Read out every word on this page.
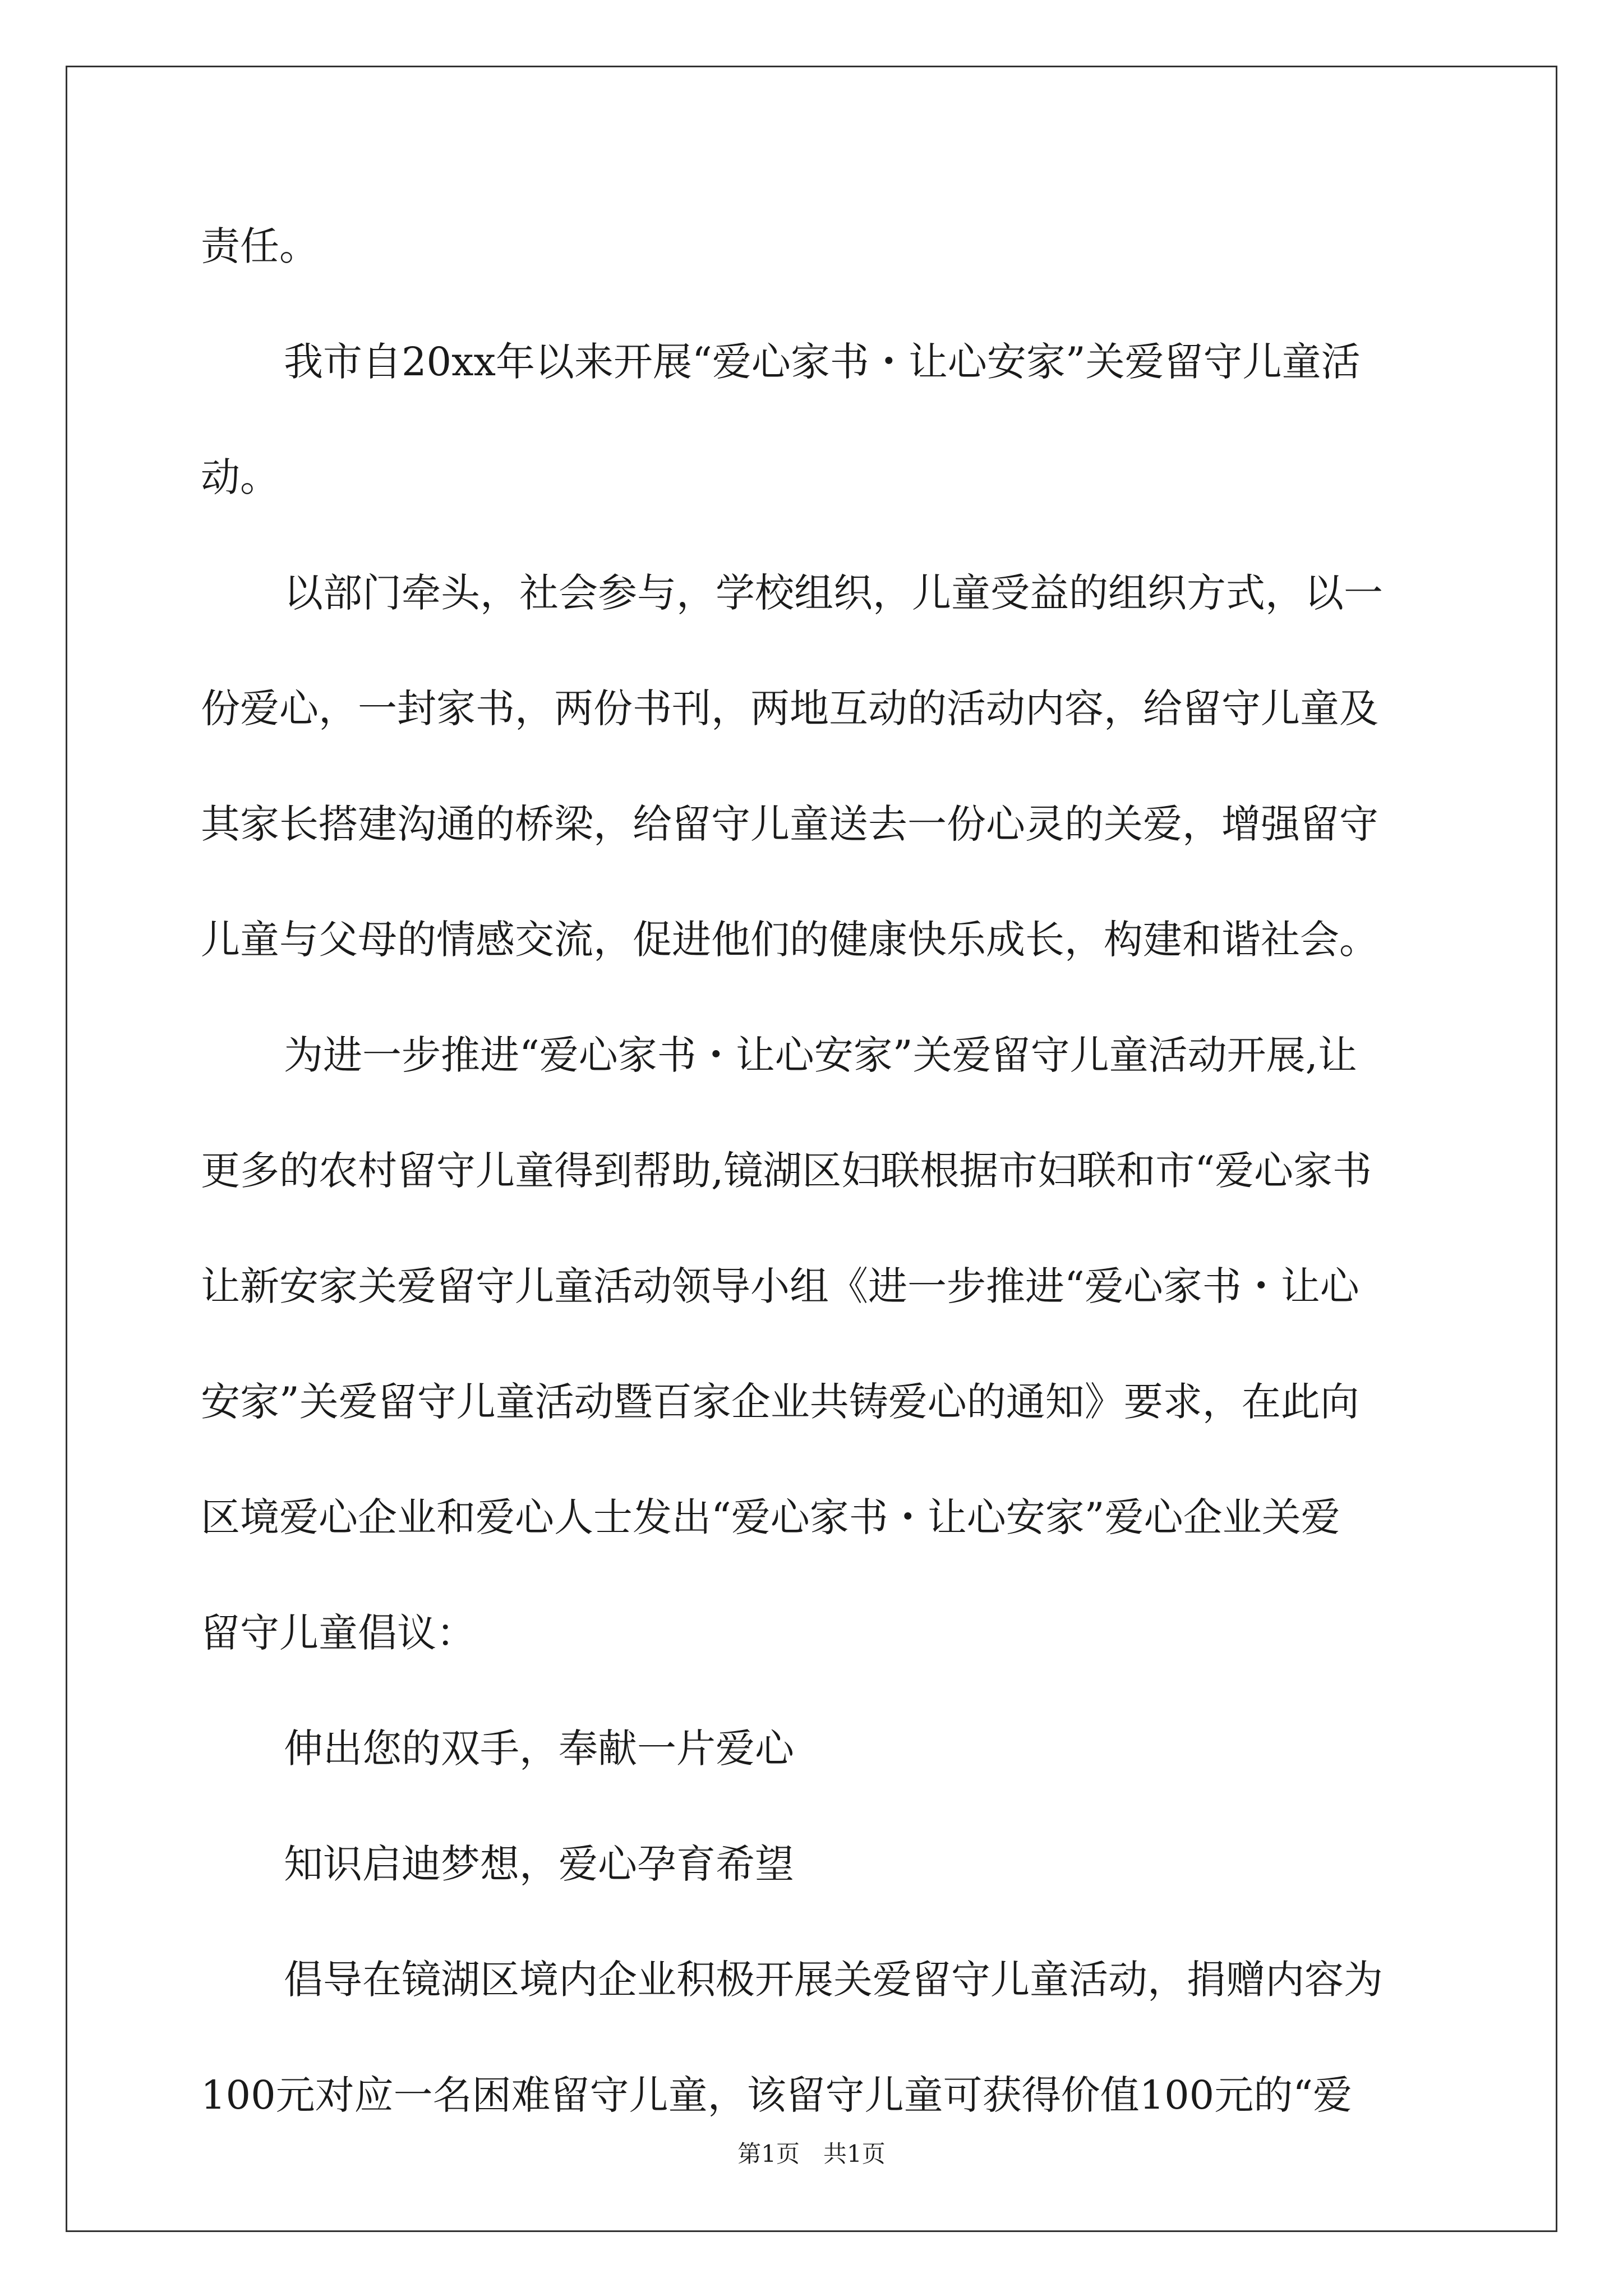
责任。
我市自20xx年以来开展“爱心家书・让心安家”关爱留守儿童活
动。
以部门牵头，社会参与，学校组织，儿童受益的组织方式，以一
份爱心，一封家书，两份书刊，两地互动的活动内容，给留守儿童及
其家长搭建沟通的桥梁，给留守儿童送去一份心灵的关爱，增强留守
儿童与父母的情感交流，促进他们的健康快乐成长，构建和谐社会。
为进一步推进“爱心家书・让心安家”关爱留守儿童活动开展,让
更多的农村留守儿童得到帮助,镜湖区妇联根据市妇联和市“爱心家书
让新安家关爱留守儿童活动领导小组《进一步推进“爱心家书・让心
安家”关爱留守儿童活动暨百家企业共铸爱心的通知》要求，在此向
区境爱心企业和爱心人士发出“爱心家书・让心安家”爱心企业关爱
留守儿童倡议：
伸出您的双手，奉献一片爱心
知识启迪梦想，爱心孕育希望
倡导在镜湖区境内企业积极开展关爱留守儿童活动，捐赠内容为
100元对应一名困难留守儿童，该留守儿童可获得价值100元的“爱
第1页　共1页
